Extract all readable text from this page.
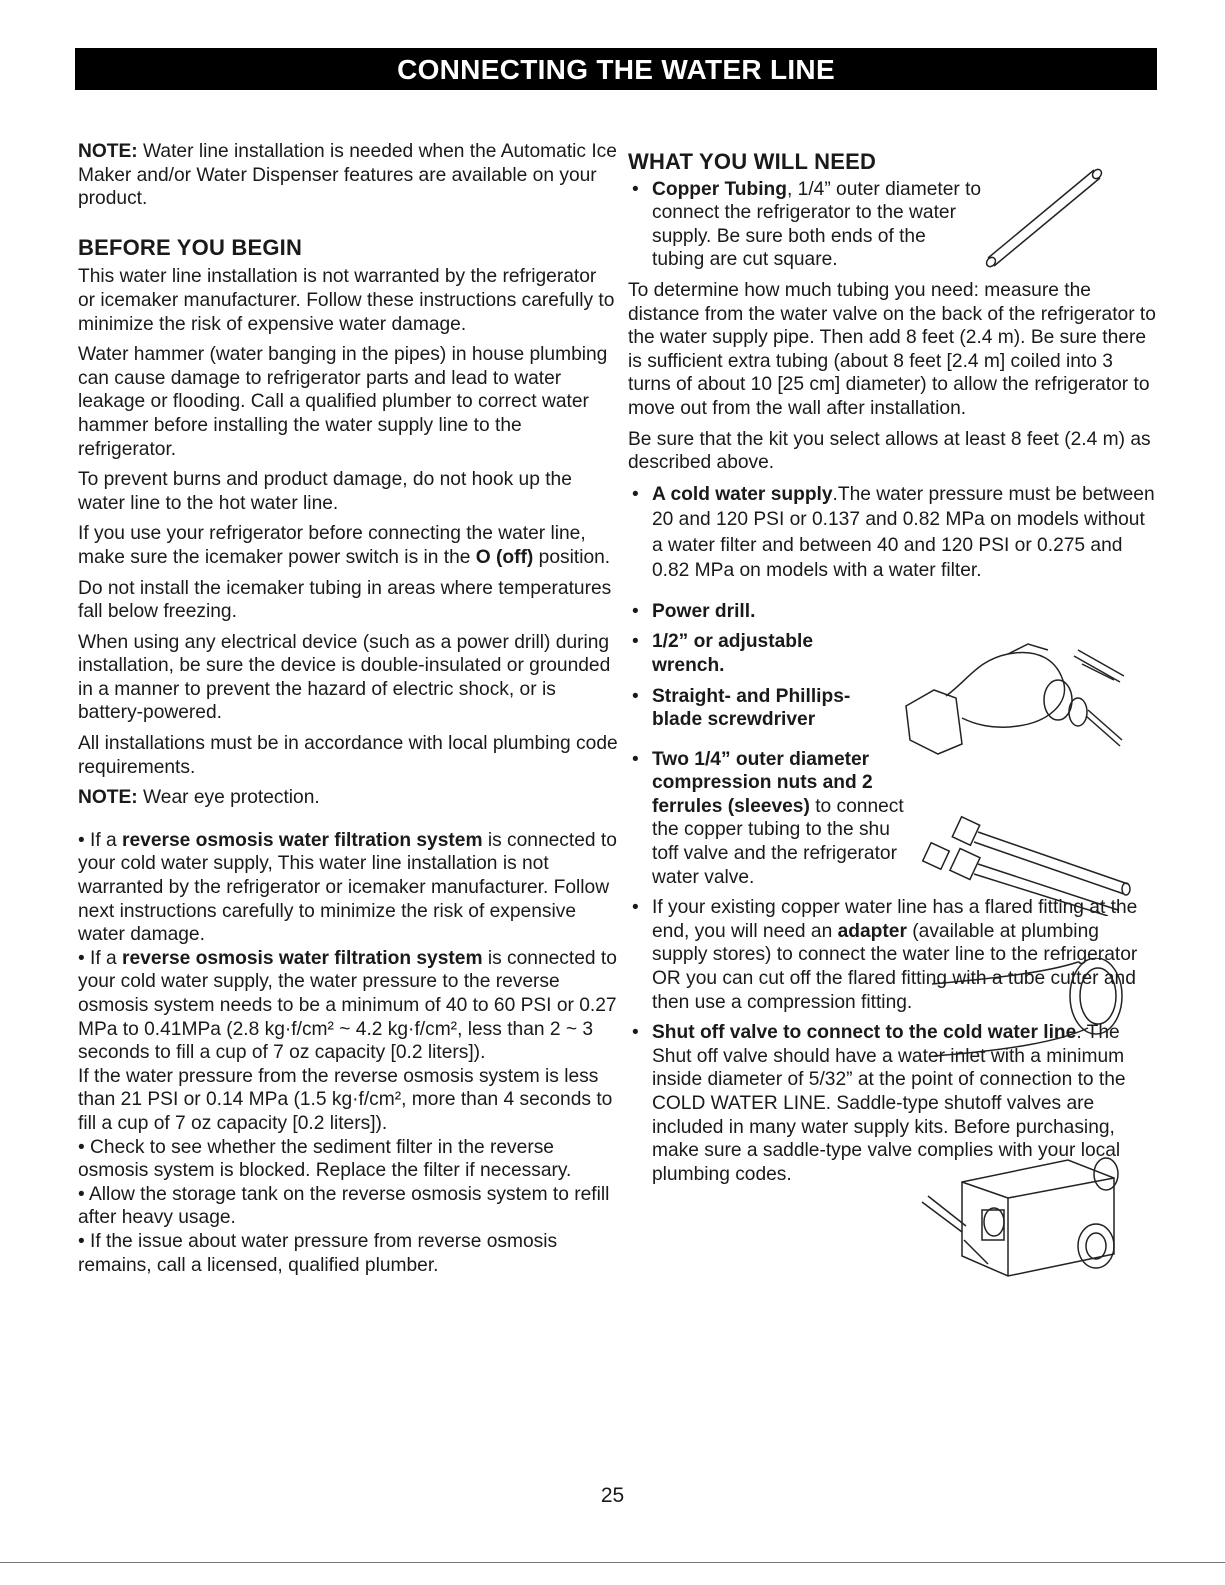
CONNECTING THE WATER LINE

NOTE: Water line installation is needed when the Automatic Ice Maker and/or Water Dispenser features are available on your product.

BEFORE YOU BEGIN

This water line installation is not warranted by the refrigerator or icemaker manufacturer. Follow these instructions carefully to minimize the risk of expensive water damage.

Water hammer (water banging in the pipes) in house plumbing can cause damage to refrigerator parts and lead to water leakage or flooding. Call a qualified plumber to correct water hammer before installing the water supply line to the refrigerator.

To prevent burns and product damage, do not hook up the water line to the hot water line.

If you use your refrigerator before connecting the water line, make sure the icemaker power switch is in the O (off) position.

Do not install the icemaker tubing in areas where temperatures fall below freezing.

When using any electrical device (such as a power drill) during installation, be sure the device is double-insulated or grounded in a manner to prevent the hazard of electric shock, or is battery-powered.

All installations must be in accordance with local plumbing code requirements.

NOTE: Wear eye protection.

• If a reverse osmosis water filtration system is connected to your cold water supply, This water line installation is not warranted by the refrigerator or icemaker manufacturer. Follow next instructions carefully to minimize the risk of expensive water damage.
• If a reverse osmosis water filtration system is connected to your cold water supply, the water pressure to the reverse osmosis system needs to be a minimum of 40 to 60 PSI or 0.27 MPa to 0.41MPa (2.8 kg·f/cm² ~ 4.2 kg·f/cm², less than 2 ~ 3 seconds to fill a cup of 7 oz capacity [0.2 liters]).
If the water pressure from the reverse osmosis system is less than 21 PSI or 0.14 MPa (1.5 kg·f/cm², more than 4 seconds to fill a cup of 7 oz capacity [0.2 liters]).
• Check to see whether the sediment filter in the reverse osmosis system is blocked. Replace the filter if necessary.
• Allow the storage tank on the reverse osmosis system to refill after heavy usage.
• If the issue about water pressure from reverse osmosis remains, call a licensed, qualified plumber.
WHAT YOU WILL NEED
• Copper Tubing, 1/4” outer diameter to connect the refrigerator to the water supply. Be sure both ends of the tubing are cut square.

To determine how much tubing you need: measure the distance from the water valve on the back of the refrigerator to the water supply pipe. Then add 8 feet (2.4 m). Be sure there is sufficient extra tubing (about 8 feet [2.4 m] coiled into 3 turns of about 10 [25 cm] diameter) to allow the refrigerator to move out from the wall after installation.

Be sure that the kit you select allows at least 8 feet (2.4 m) as described above.

• A cold water supply.The water pressure must be between 20 and 120 PSI or 0.137 and 0.82 MPa on models without a water filter and between 40 and 120 PSI or 0.275 and 0.82 MPa on models with a water filter.
• Power drill.
• 1/2” or adjustable wrench.
• Straight- and Phillips-blade screwdriver
• Two 1/4” outer diameter compression nuts and 2 ferrules (sleeves) to connect the copper tubing to the shu toff valve and the refrigerator water valve.
• If your existing copper water line has a flared fitting at the end, you will need an adapter (available at plumbing supply stores) to connect the water line to the refrigerator OR you can cut off the flared fitting with a tube cutter and then use a compression fitting.
• Shut off valve to connect to the cold water line. The Shut off valve should have a water inlet with a minimum inside diameter of 5/32” at the point of connection to the COLD WATER LINE. Saddle-type shutoff valves are included in many water supply kits. Before purchasing, make sure a saddle-type valve complies with your local plumbing codes.
25
